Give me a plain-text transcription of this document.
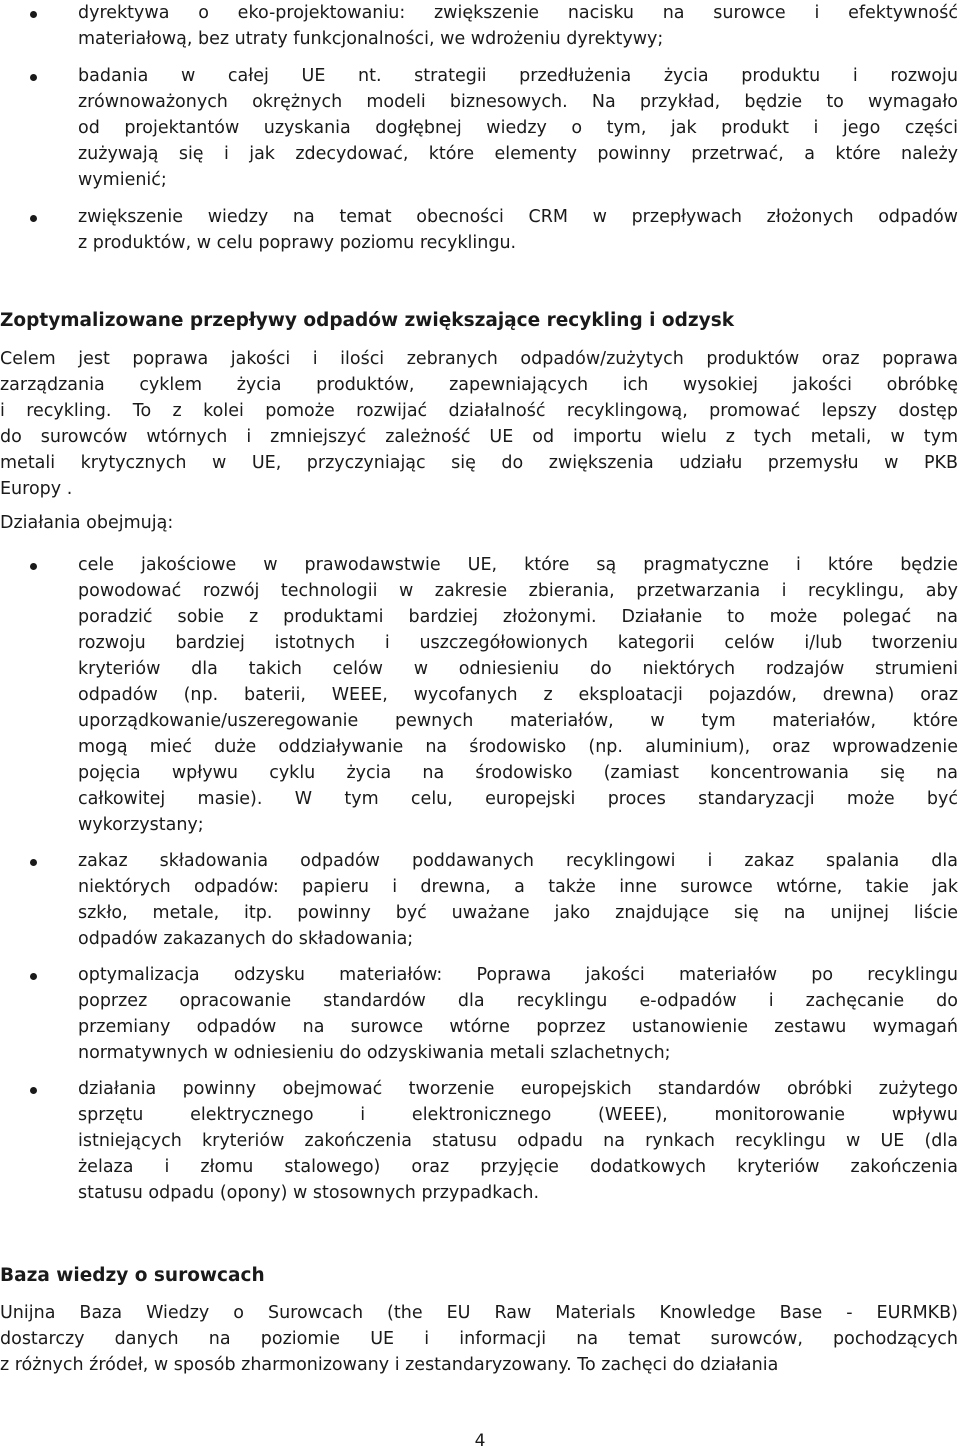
dyrektywa o eko-projektowaniu: zwiększenie nacisku na surowce i efektywność
materiałową, bez utraty funkcjonalności, we wdrożeniu dyrektywy;
badania w całej UE nt. strategii przedłużenia życia produktu i rozwoju
zrównoważonych okrężnych modeli biznesowych. Na przykład, będzie to wymagało
od projektantów uzyskania dogłębnej wiedzy o tym, jak produkt i jego części
zużywają się i jak zdecydować, które elementy powinny przetrwać, a które należy
wymienić;
zwiększenie wiedzy na temat obecności CRM w przepływach złożonych odpadów
z produktów, w celu poprawy poziomu recyklingu.
Zoptymalizowane przepływy odpadów zwiększające recykling i odzysk
Celem jest poprawa jakości i ilości zebranych odpadów/zużytych produktów oraz poprawa
zarządzania cyklem życia produktów, zapewniających ich wysokiej jakości obróbkę
i recykling. To z kolei pomoże rozwijać działalność recyklingową, promować lepszy dostęp
do surowców wtórnych i zmniejszyć zależność UE od importu wielu z tych metali, w tym
metali krytycznych w UE, przyczyniając się do zwiększenia udziału przemysłu w PKB
Europy .
Działania obejmują:
cele jakościowe w prawodawstwie UE, które są pragmatyczne i które będzie
powodować rozwój technologii w zakresie zbierania, przetwarzania i recyklingu, aby
poradzić sobie z produktami bardziej złożonymi. Działanie to może polegać na
rozwoju bardziej istotnych i uszczegółowionych kategorii celów i/lub tworzeniu
kryteriów dla takich celów w odniesieniu do niektórych rodzajów strumieni
odpadów (np. baterii, WEEE, wycofanych z eksploatacji pojazdów, drewna) oraz
uporządkowanie/uszeregowanie pewnych materiałów, w tym materiałów, które
mogą mieć duże oddziaływanie na środowisko (np. aluminium), oraz wprowadzenie
pojęcia wpływu cyklu życia na środowisko (zamiast koncentrowania się na
całkowitej masie). W tym celu, europejski proces standaryzacji może być
wykorzystany;
zakaz składowania odpadów poddawanych recyklingowi i zakaz spalania dla
niektórych odpadów: papieru i drewna, a także inne surowce wtórne, takie jak
szkło, metale, itp. powinny być uważane jako znajdujące się na unijnej liście
odpadów zakazanych do składowania;
optymalizacja odzysku materiałów: Poprawa jakości materiałów po recyklingu
poprzez opracowanie standardów dla recyklingu e-odpadów i zachęcanie do
przemiany odpadów na surowce wtórne poprzez ustanowienie zestawu wymagań
normatywnych w odniesieniu do odzyskiwania metali szlachetnych;
działania powinny obejmować tworzenie europejskich standardów obróbki zużytego
sprzętu elektrycznego i elektronicznego (WEEE), monitorowanie wpływu
istniejących kryteriów zakończenia statusu odpadu na rynkach recyklingu w UE (dla
żelaza i złomu stalowego) oraz przyjęcie dodatkowych kryteriów zakończenia
statusu odpadu (opony) w stosownych przypadkach.
Baza wiedzy o surowcach
Unijna Baza Wiedzy o Surowcach (the EU Raw Materials Knowledge Base - EURMKB)
dostarczy danych na poziomie UE i informacji na temat surowców, pochodzących
z różnych źródeł, w sposób zharmonizowany i zestandaryzowany. To zachęci do działania
4
